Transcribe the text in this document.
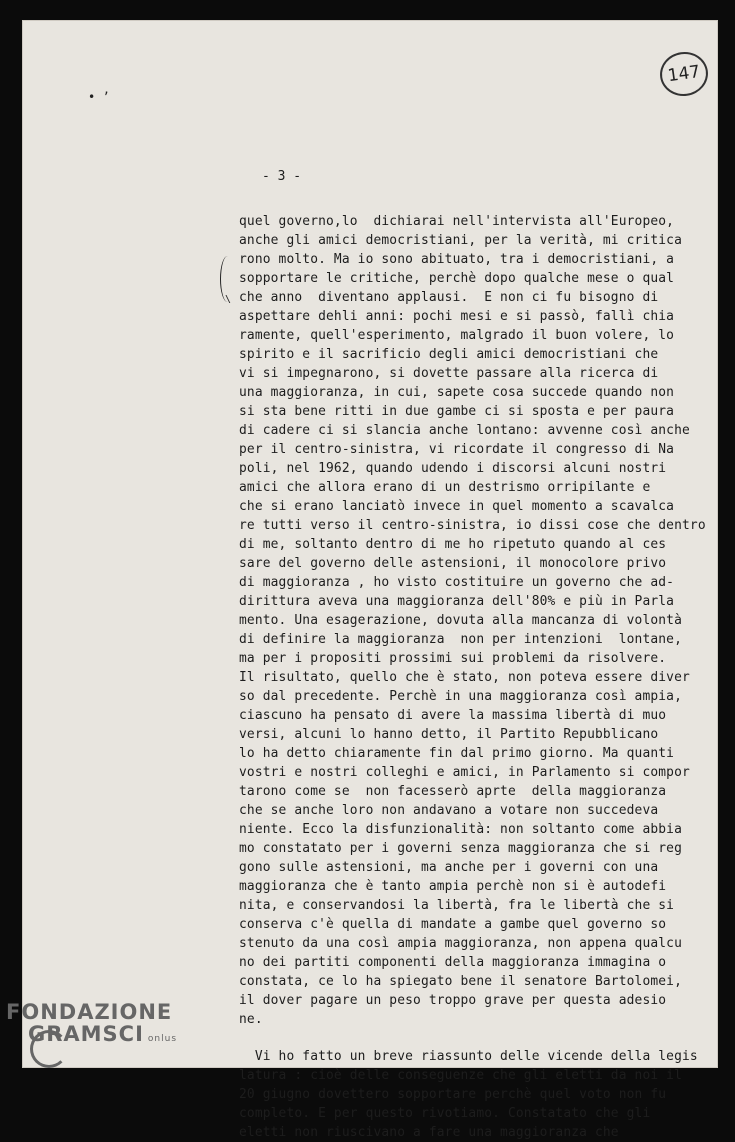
147
• ’
- 3 -
\
quel governo,lo  dichiarai nell'intervista all'Europeo,
anche gli amici democristiani, per la verità, mi critica
rono molto. Ma io sono abituato, tra i democristiani, a
sopportare le critiche, perchè dopo qualche mese o qual
che anno  diventano applausi.  E non ci fu bisogno di
aspettare dehli anni: pochi mesi e si passò, fallì chia
ramente, quell'esperimento, malgrado il buon volere, lo
spirito e il sacrificio degli amici democristiani che
vi si impegnarono, si dovette passare alla ricerca di
una maggioranza, in cui, sapete cosa succede quando non
si sta bene ritti in due gambe ci si sposta e per paura
di cadere ci si slancia anche lontano: avvenne così anche
per il centro-sinistra, vi ricordate il congresso di Na
poli, nel 1962, quando udendo i discorsi alcuni nostri
amici che allora erano di un destrismo orripilante e
che si erano lanciatò invece in quel momento a scavalca
re tutti verso il centro-sinistra, io dissi cose che dentro
di me, soltanto dentro di me ho ripetuto quando al ces
sare del governo delle astensioni, il monocolore privo
di maggioranza , ho visto costituire un governo che ad-
dirittura aveva una maggioranza dell'80% e più in Parla
mento. Una esagerazione, dovuta alla mancanza di volontà
di definire la maggioranza  non per intenzioni  lontane,
ma per i propositi prossimi sui problemi da risolvere.
Il risultato, quello che è stato, non poteva essere diver
so dal precedente. Perchè in una maggioranza così ampia,
ciascuno ha pensato di avere la massima libertà di muo
versi, alcuni lo hanno detto, il Partito Repubblicano
lo ha detto chiaramente fin dal primo giorno. Ma quanti
vostri e nostri colleghi e amici, in Parlamento si compor
tarono come se  non facesserò aprte  della maggioranza
che se anche loro non andavano a votare non succedeva
niente. Ecco la disfunzionalità: non soltanto come abbia
mo constatato per i governi senza maggioranza che si reg
gono sulle astensioni, ma anche per i governi con una
maggioranza che è tanto ampia perchè non si è autodefi
nita, e conservandosi la libertà, fra le libertà che si
conserva c'è quella di mandate a gambe quel governo so
stenuto da una così ampia maggioranza, non appena qualcu
no dei partiti componenti della maggioranza immagina o
constata, ce lo ha spiegato bene il senatore Bartolomei,
il dover pagare un peso troppo grave per questa adesio
ne.
Vi ho fatto un breve riassunto delle vicende della legis
latura : cioè delle conseguenze che gli eletti da noi il
20 giugno dovettero sopportare perchè quel voto non fu
completo. E per questo rivotiamo. Constatato che gli
eletti non riuscivano a fare una maggioranza che
FONDAZIONE
GRAMSCI onlus
